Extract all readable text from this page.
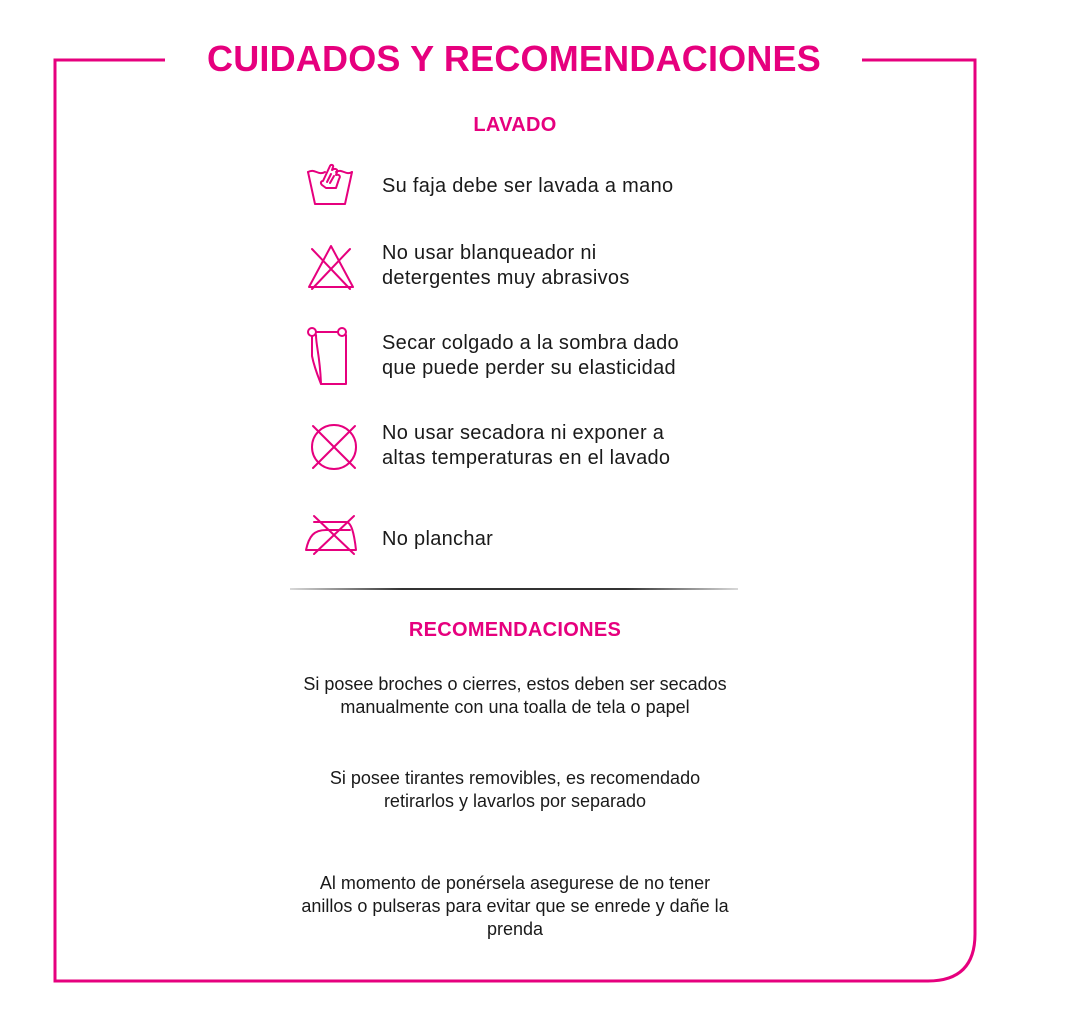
CUIDADOS Y RECOMENDACIONES
LAVADO
Su faja debe ser lavada a mano
No usar blanqueador ni
detergentes muy abrasivos
Secar colgado a la sombra dado
que puede perder su elasticidad
No usar secadora ni exponer a
altas temperaturas en el lavado
No planchar
RECOMENDACIONES
Si posee broches o cierres, estos deben ser secados
manualmente con una toalla de tela o papel
Si posee tirantes removibles, es recomendado
retirarlos y lavarlos por separado
Al momento de ponérsela asegurese de no tener
anillos o pulseras para evitar que se enrede y dañe la
prenda
